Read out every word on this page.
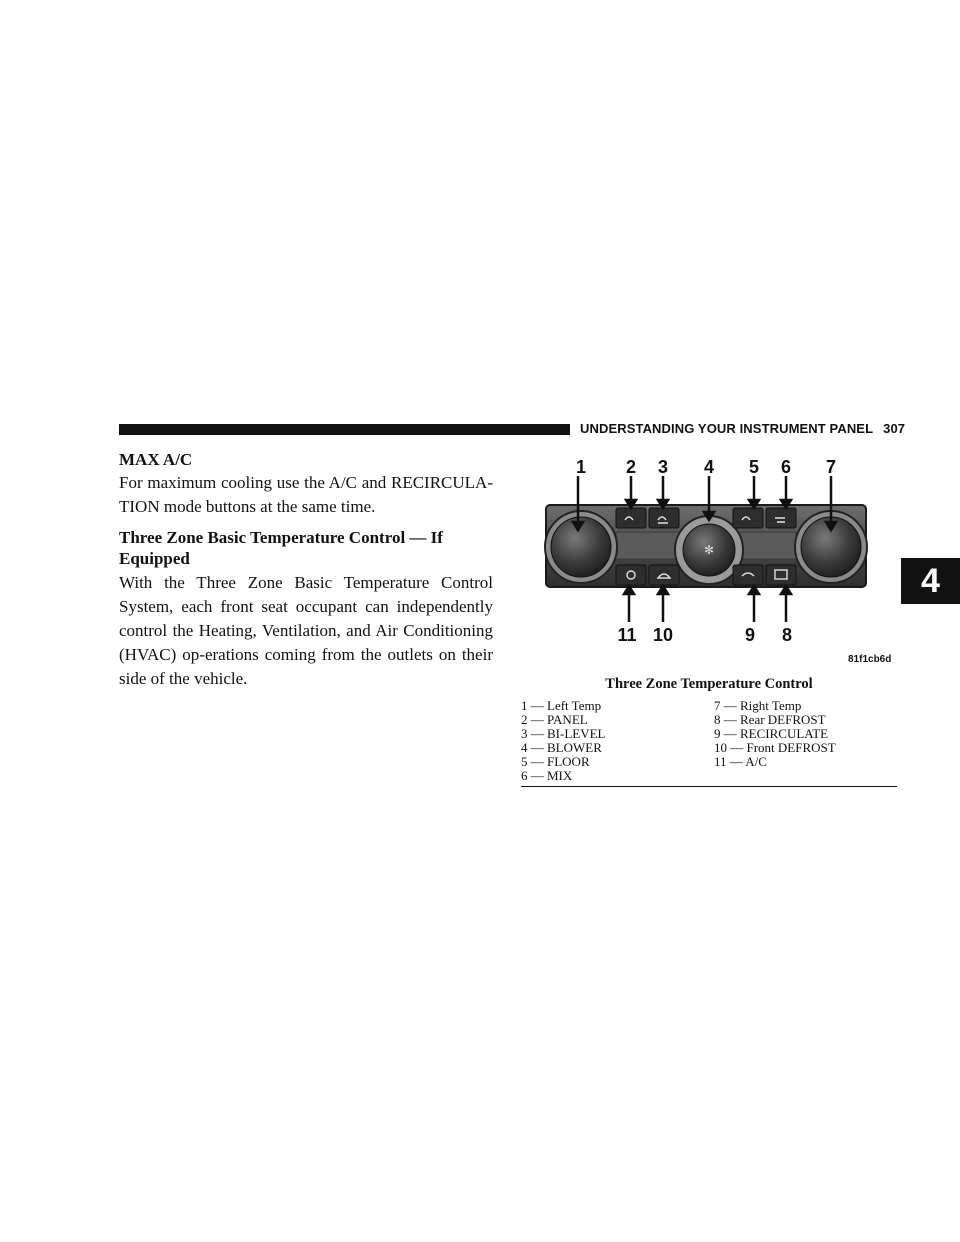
UNDERSTANDING YOUR INSTRUMENT PANEL 307
4
MAX A/C

For maximum cooling use the A/C and RECIRCULA-TION mode buttons at the same time.

Three Zone Basic Temperature Control — If Equipped

With the Three Zone Basic Temperature Control System, each front seat occupant can independently control the Heating, Ventilation, and Air Conditioning (HVAC) op-erations coming from the outlets on their side of the vehicle.

✻
1 2 3 4 5 6 7
11 10	9 8
81f1cb6d
Three Zone Temperature Control
1 — Left Temp
2 — PANEL
3 — BI-LEVEL
4 — BLOWER
5 — FLOOR
6 — MIX
7 — Right Temp
8 — Rear DEFROST
9 — RECIRCULATE
10 — Front DEFROST
11 — A/C
